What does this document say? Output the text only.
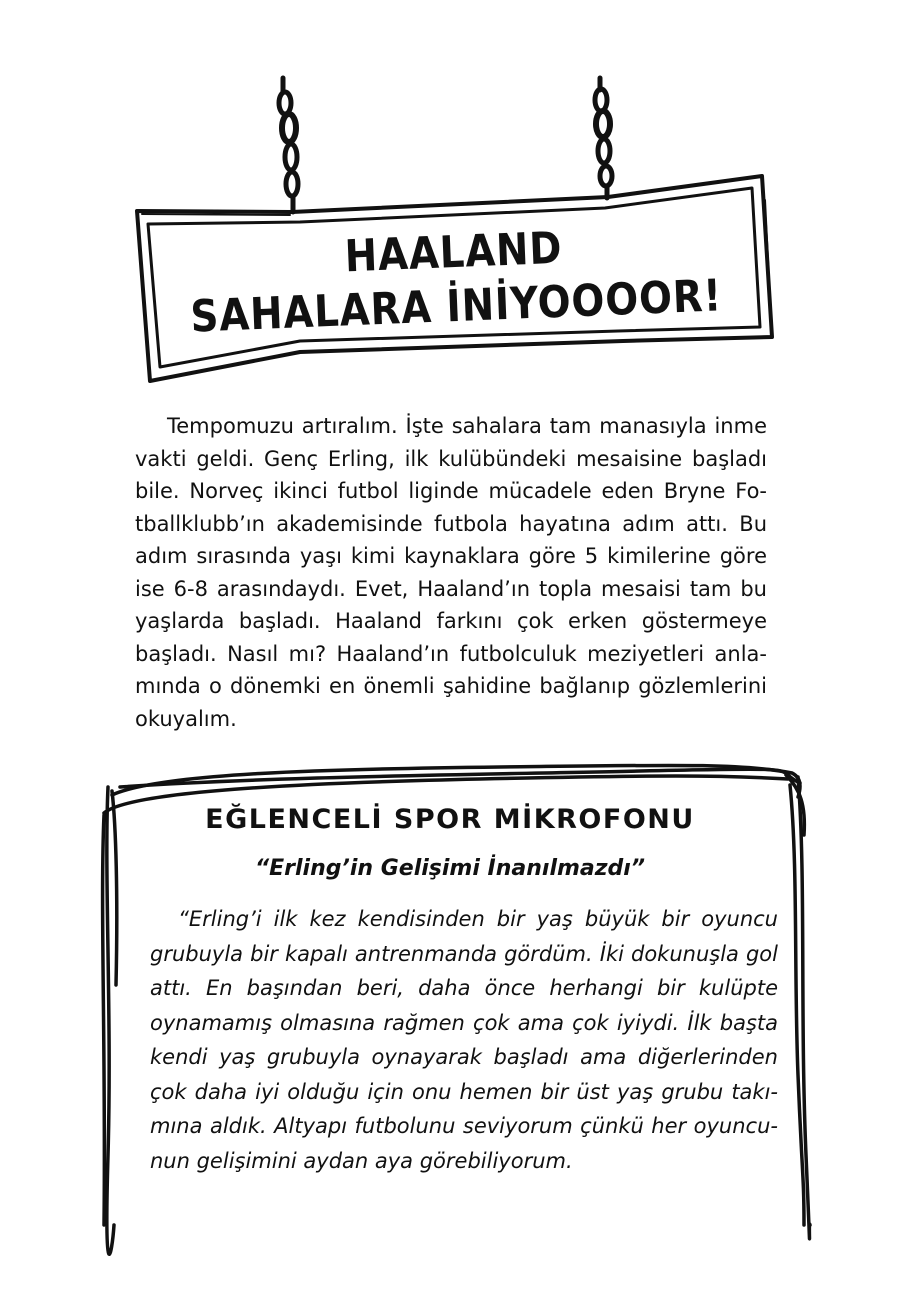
HAALAND
SAHALARA İNİYOOOOR!

Tempomuzu artıralım. İşte sahalara tam manasıyla inme vakti geldi. Genç Erling, ilk kulübündeki mesaisine başladı bile. Norveç ikinci futbol liginde mücadele eden Bryne Fotballklubb’ın akademisinde futbola hayatına adım attı. Bu adım sırasında yaşı kimi kaynaklara göre 5 kimilerine göre ise 6-8 arasındaydı. Evet, Haaland’ın topla mesaisi tam bu yaşlarda başladı. Haaland farkını çok erken göstermeye başladı. Nasıl mı? Haaland’ın futbolculuk meziyetleri anlamında o dönemki en önemli şahidine bağlanıp gözlemlerini okuyalım.

EĞLENCELİ SPOR MİKROFONU
“Erling’in Gelişimi İnanılmazdı”

“Erling’i ilk kez kendisinden bir yaş büyük bir oyuncu grubuyla bir kapalı antrenmanda gördüm. İki dokunuşla gol attı. En başından beri, daha önce herhangi bir kulüpte oynamamış olmasına rağmen çok ama çok iyiydi. İlk başta kendi yaş grubuyla oynayarak başladı ama diğerlerinden çok daha iyi olduğu için onu hemen bir üst yaş grubu takımına aldık. Altyapı futbolunu seviyorum çünkü her oyuncunun gelişimini aydan aya görebiliyorum.
